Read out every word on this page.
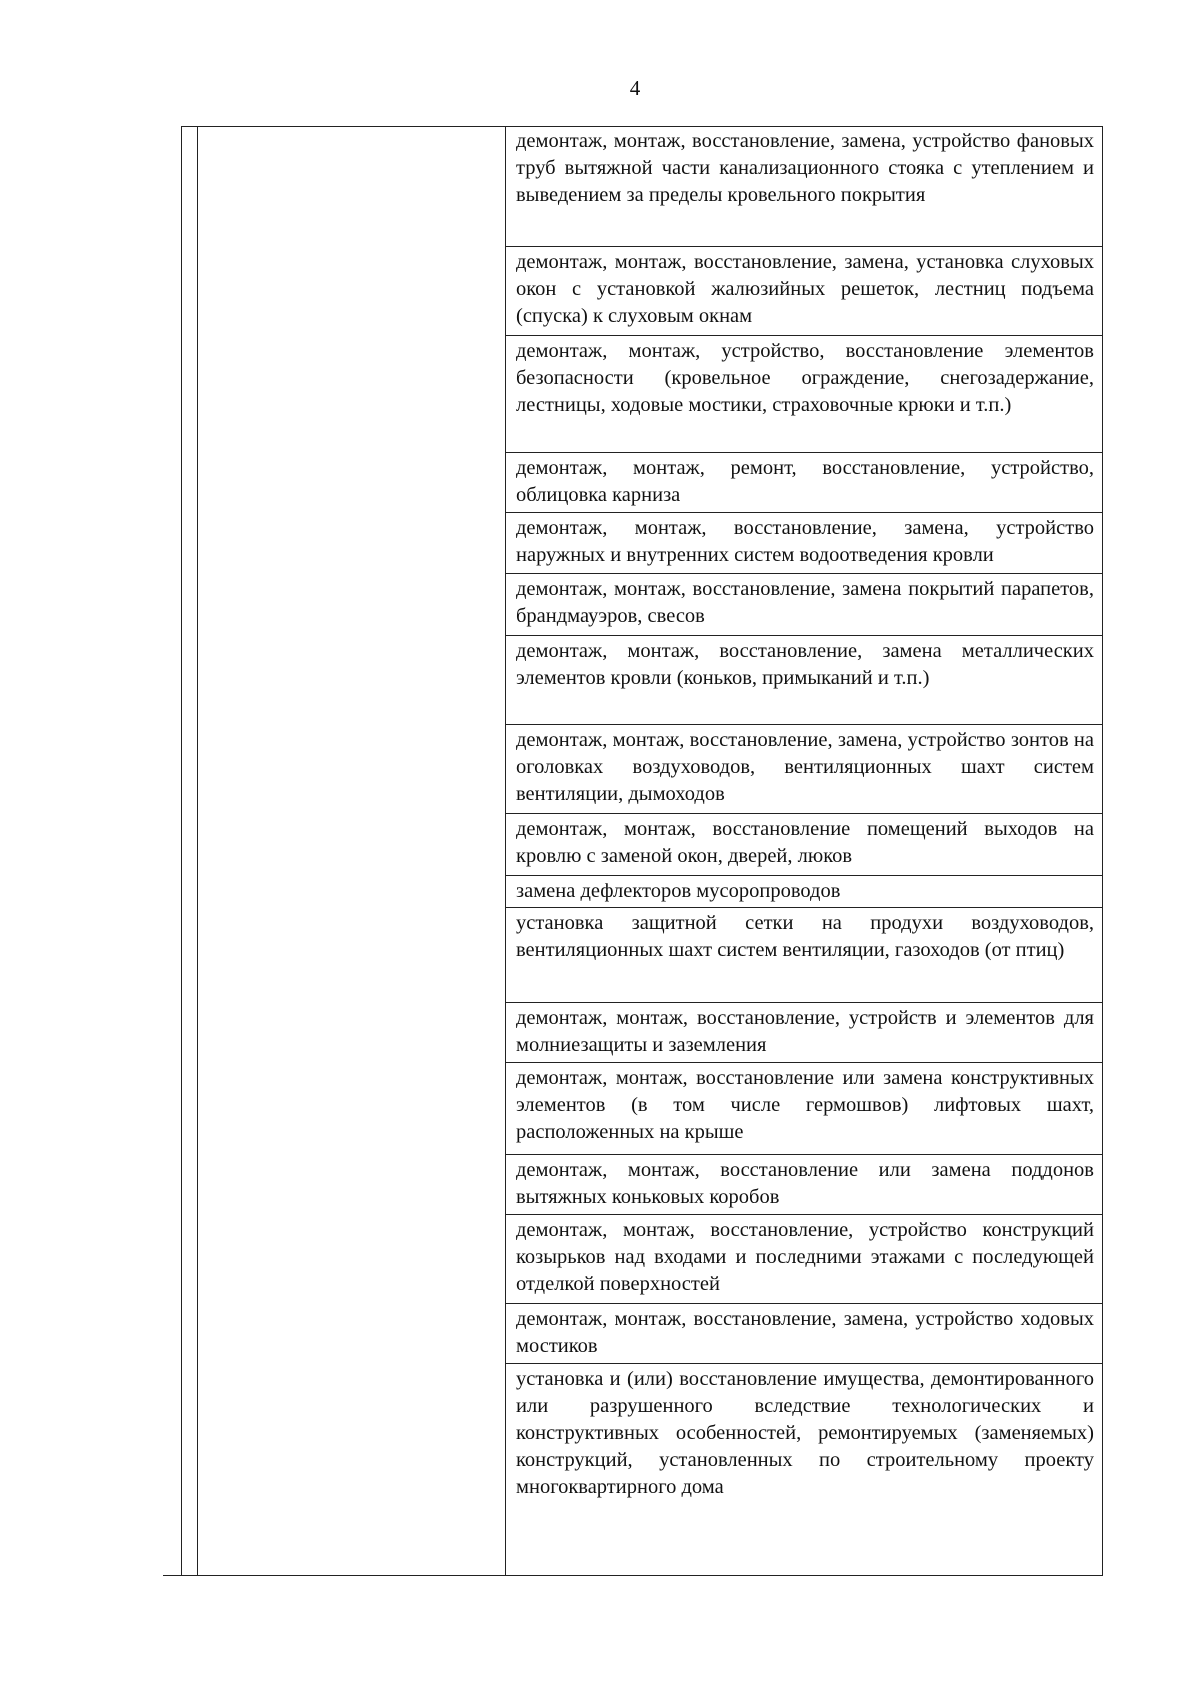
4
демонтаж, монтаж, восстановление, замена, устройство фановых труб вытяжной части канализационного стояка с утеплением и выведением за пределы кровельного покрытия
демонтаж, монтаж, восстановление, замена, установка слуховых окон с установкой жалюзийных решеток, лестниц подъема (спуска) к слуховым окнам
демонтаж, монтаж, устройство, восстановление элементов безопасности (кровельное ограждение, снегозадержание, лестницы, ходовые мостики, страховочные крюки и т.п.)
демонтаж, монтаж, ремонт, восстановление, устройство, облицовка карниза
демонтаж, монтаж, восстановление, замена, устройство наружных и внутренних систем водоотведения кровли
демонтаж, монтаж, восстановление, замена покрытий парапетов, брандмауэров, свесов
демонтаж, монтаж, восстановление, замена металлических элементов кровли (коньков, примыканий и т.п.)
демонтаж, монтаж, восстановление, замена, устройство зонтов на оголовках воздуховодов, вентиляционных шахт систем вентиляции, дымоходов
демонтаж, монтаж, восстановление помещений выходов на кровлю с заменой окон, дверей, люков
замена дефлекторов мусоропроводов
установка защитной сетки на продухи воздуховодов, вентиляционных шахт систем вентиляции, газоходов (от птиц)
демонтаж, монтаж, восстановление, устройств и элементов для молниезащиты и заземления
демонтаж, монтаж, восстановление или замена конструктивных элементов (в том числе гермошвов) лифтовых шахт, расположенных на крыше
демонтаж, монтаж, восстановление или замена поддонов вытяжных коньковых коробов
демонтаж, монтаж, восстановление, устройство конструкций козырьков над входами и последними этажами с последующей отделкой поверхностей
демонтаж, монтаж, восстановление, замена, устройство ходовых мостиков
установка и (или) восстановление имущества, демонтированного или разрушенного вследствие технологических и конструктивных особенностей, ремонтируемых (заменяемых) конструкций, установленных по строительному проекту многоквартирного дома
